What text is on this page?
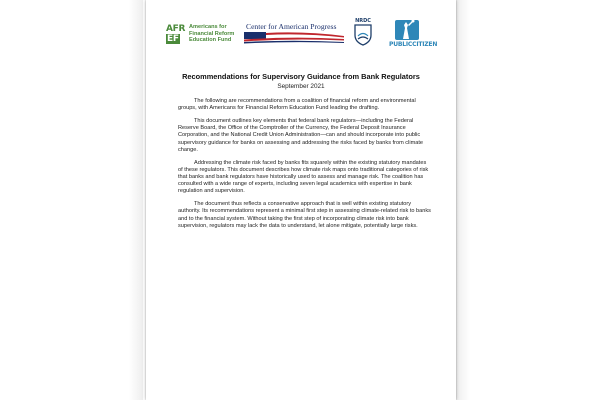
AFR
EF
Americans for
Financial Reform
Education Fund
Center for American Progress
NRDC
PUBLICCITIZEN
Recommendations for Supervisory Guidance from Bank Regulators
September 2021

The following are recommendations from a coalition of financial reform and environmental groups, with Americans for Financial Reform Education Fund leading the drafting.

This document outlines key elements that federal bank regulators—including the Federal Reserve Board, the Office of the Comptroller of the Currency, the Federal Deposit Insurance Corporation, and the National Credit Union Administration—can and should incorporate into public supervisory guidance for banks on assessing and addressing the risks faced by banks from climate change.

Addressing the climate risk faced by banks fits squarely within the existing statutory mandates of these regulators. This document describes how climate risk maps onto traditional categories of risk that banks and bank regulators have historically used to assess and manage risk. The coalition has consulted with a wide range of experts, including seven legal academics with expertise in bank regulation and supervision.

The document thus reflects a conservative approach that is well within existing statutory authority. Its recommendations represent a minimal first step in assessing climate-related risk to banks and to the financial system. Without taking the first step of incorporating climate risk into bank supervision, regulators may lack the data to understand, let alone mitigate, potentially large risks.
